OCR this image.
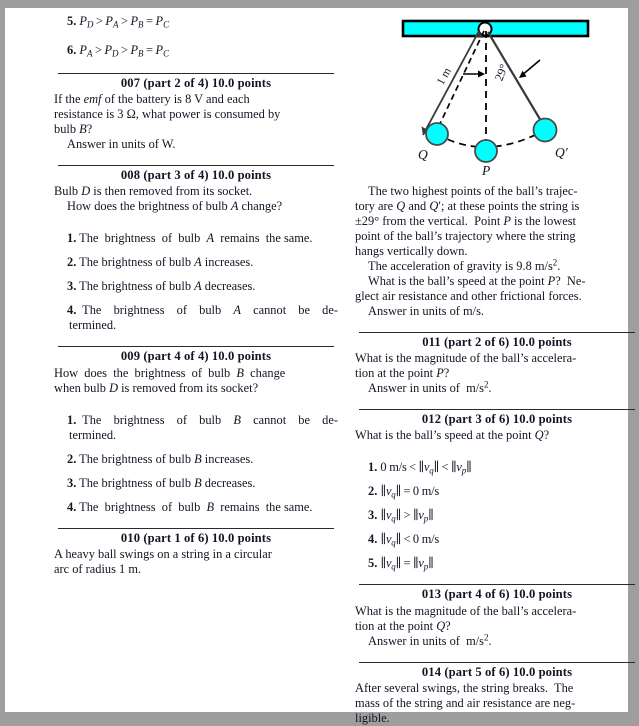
5. $P_D > P_A > P_B = P_C$
6. $P_A > P_D > P_B = P_C$
007 (part 2 of 4) 10.0 points
If the emf of the battery is 8 V and each
resistance is 3 Ω, what power is consumed by
bulb B?
Answer in units of W.
008 (part 3 of 4) 10.0 points
Bulb D is then removed from its socket.
How does the brightness of bulb A change?
1. The  brightness  of  bulb  A  remains  the same.
2. The brightness of bulb A increases.
3. The brightness of bulb A decreases.
4. The  brightness  of  bulb  A  cannot  be  de-termined.
009 (part 4 of 4) 10.0 points
How  does  the  brightness  of  bulb  B  change
when bulb D is removed from its socket?
1. The  brightness  of  bulb  B  cannot  be  de-termined.
2. The brightness of bulb B increases.
3. The brightness of bulb B decreases.
4. The  brightness  of  bulb  B  remains  the same.
010 (part 1 of 6) 10.0 points
A heavy ball swings on a string in a circular
arc of radius 1 m.
1 m	29°
Q
P
Q′
The two highest points of the ball’s trajec-
tory are Q and Q′; at these points the string is
±29° from the vertical.  Point P is the lowest
point of the ball’s trajectory where the string
hangs vertically down.
The acceleration of gravity is 9.8 $m/s^2$.
What is the ball’s speed at the point P?  Ne-
glect air resistance and other frictional forces.
Answer in units of m/s.
011 (part 2 of 6) 10.0 points
What is the magnitude of the ball’s accelera-
tion at the point P?
Answer in units of  $m/s^2$.
012 (part 3 of 6) 10.0 points
What is the ball’s speed at the point Q?
1. 0 $m/s < \parallel v_q\parallel$ < $\parallel v_p\parallel$
2. $\parallel v_q\parallel = 0$ m/s
3. $\parallel v_q\parallel$ > $\parallel v_p\parallel$
4. $\parallel v_q\parallel < 0$ m/s
5. $\parallel v_q\parallel$ = $\parallel v_p\parallel$
013 (part 4 of 6) 10.0 points
What is the magnitude of the ball’s accelera-
tion at the point Q?
Answer in units of  $m/s^2$.
014 (part 5 of 6) 10.0 points
After several swings, the string breaks.  The
mass of the string and air resistance are neg-
ligible.
